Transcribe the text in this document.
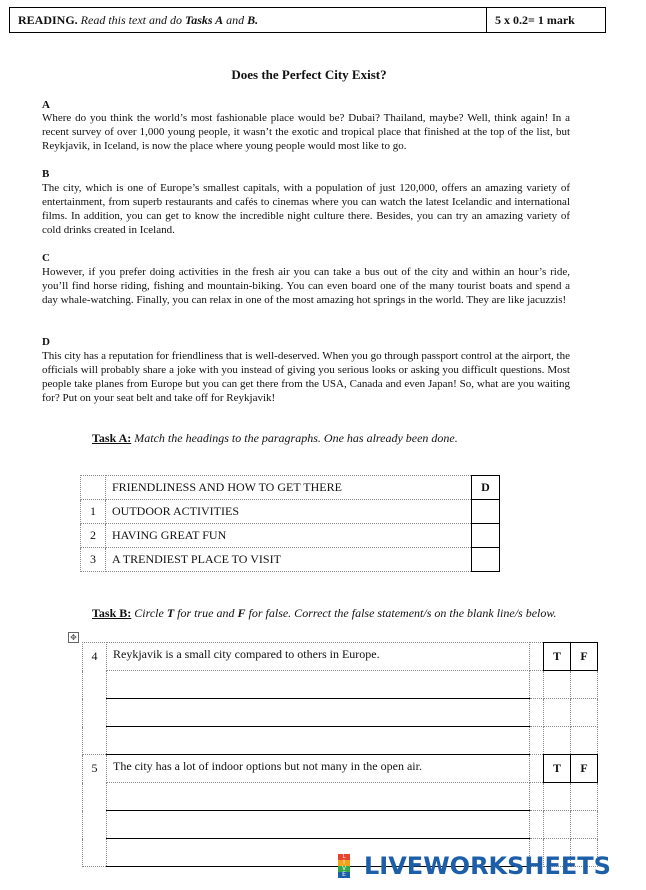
READING. Read this text and do Tasks A and B.	5 x 0.2= 1 mark
Does the Perfect City Exist?
A
Where do you think the world’s most fashionable place would be? Dubai? Thailand, maybe? Well, think again! In a recent survey of over 1,000 young people, it wasn’t the exotic and tropical place that finished at the top of the list, but Reykjavik, in Iceland, is now the place where young people would most like to go.
B
The city, which is one of Europe’s smallest capitals, with a population of just 120,000, offers an amazing variety of entertainment, from superb restaurants and cafés to cinemas where you can watch the latest Icelandic and international films. In addition, you can get to know the incredible night culture there. Besides, you can try an amazing variety of cold drinks created in Iceland.
C
However, if you prefer doing activities in the fresh air you can take a bus out of the city and within an hour’s ride, you’ll find horse riding, fishing and mountain-biking. You can even board one of the many tourist boats and spend a day whale-watching. Finally, you can relax in one of the most amazing hot springs in the world. They are like jacuzzis!
D
This city has a reputation for friendliness that is well-deserved. When you go through passport control at the airport, the officials will probably share a joke with you instead of giving you serious looks or asking you difficult questions. Most people take planes from Europe but you can get there from the USA, Canada and even Japan! So, what are you waiting for? Put on your seat belt and take off for Reykjavik!
Task A: Match the headings to the paragraphs. One has already been done.
	FRIENDLINESS AND HOW TO GET THERE	D
1	OUTDOOR ACTIVITIES	
2	HAVING GREAT FUN	
3	A TRENDIEST PLACE TO VISIT	
Task B: Circle T for true and F for false. Correct the false statement/s on the blank line/s below.
✥
4	Reykjavik is a small city compared to others in Europe.		T	F

5	The city has a lot of indoor options but not many in the open air.		T	F

L
I
V
E LIVEWORKSHEETS
